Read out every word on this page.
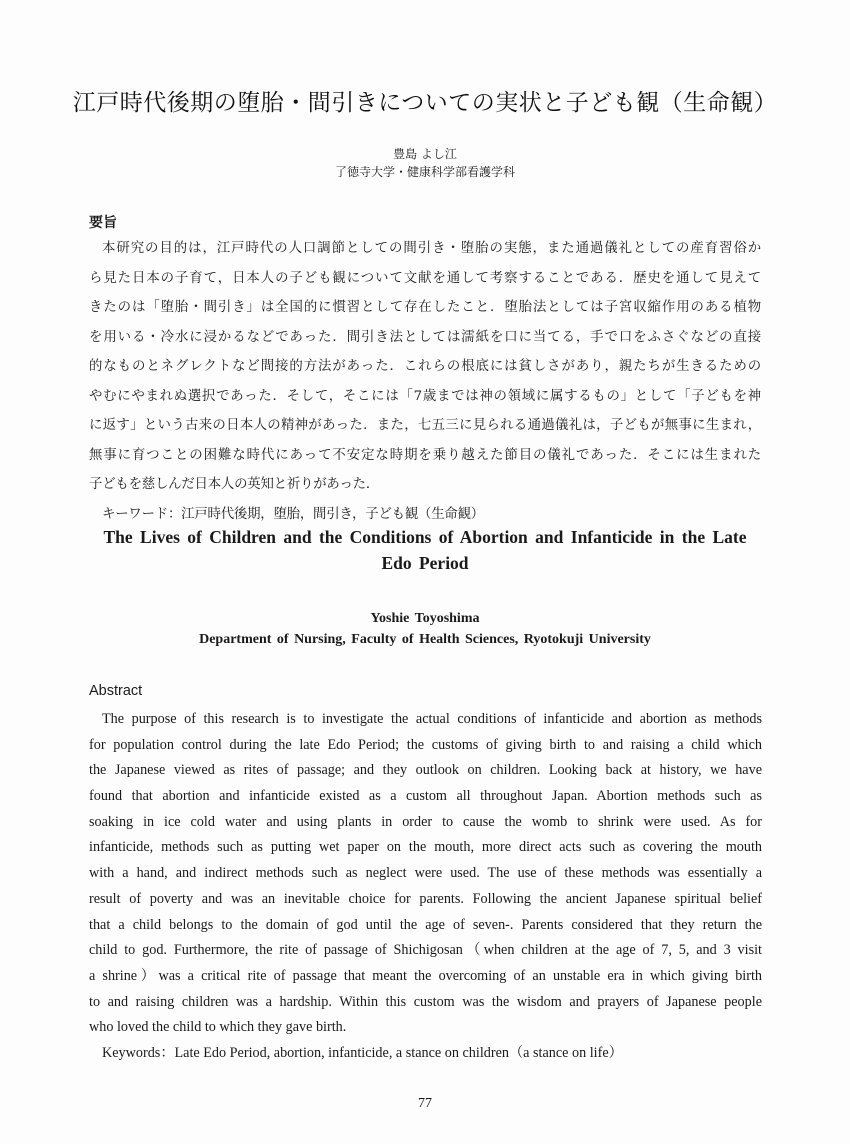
江戸時代後期の堕胎・間引きについての実状と子ども観（生命観）
豊島 よし江
了徳寺大学・健康科学部看護学科
要旨
本研究の目的は，江戸時代の人口調節としての間引き・堕胎の実態，また通過儀礼としての産育習俗か
ら見た日本の子育て，日本人の子ども観について文献を通して考察することである．歴史を通して見えて
きたのは「堕胎・間引き」は全国的に慣習として存在したこと．堕胎法としては子宮収縮作用のある植物
を用いる・冷水に浸かるなどであった．間引き法としては濡紙を口に当てる，手で口をふさぐなどの直接
的なものとネグレクトなど間接的方法があった．これらの根底には貧しさがあり，親たちが生きるための
やむにやまれぬ選択であった．そして，そこには「7歳までは神の領域に属するもの」として「子どもを神
に返す」という古来の日本人の精神があった．また，七五三に見られる通過儀礼は，子どもが無事に生まれ，
無事に育つことの困難な時代にあって不安定な時期を乗り越えた節目の儀礼であった．そこには生まれた
子どもを慈しんだ日本人の英知と祈りがあった．
キーワード：江戸時代後期，堕胎，間引き，子ども観（生命観）
The Lives of Children and the Conditions of Abortion and Infanticide in the Late
Edo Period
Yoshie Toyoshima
Department of Nursing, Faculty of Health Sciences, Ryotokuji University
Abstract
The purpose of this research is to investigate the actual conditions of infanticide and abortion as methods
for population control during the late Edo Period; the customs of giving birth to and raising a child which
the Japanese viewed as rites of passage; and they outlook on children. Looking back at history, we have
found that abortion and infanticide existed as a custom all throughout Japan. Abortion methods such as
soaking in ice cold water and using plants in order to cause the womb to shrink were used. As for
infanticide, methods such as putting wet paper on the mouth, more direct acts such as covering the mouth
with a hand, and indirect methods such as neglect were used. The use of these methods was essentially a
result of poverty and was an inevitable choice for parents. Following the ancient Japanese spiritual belief
that a child belongs to the domain of god until the age of seven-. Parents considered that they return the
child to god. Furthermore, the rite of passage of Shichigosan（when children at the age of 7, 5, and 3 visit
a shrine）was a critical rite of passage that meant the overcoming of an unstable era in which giving birth
to and raising children was a hardship. Within this custom was the wisdom and prayers of Japanese people
who loved the child to which they gave birth.
Keywords：Late Edo Period, abortion, infanticide, a stance on children（a stance on life）
77
